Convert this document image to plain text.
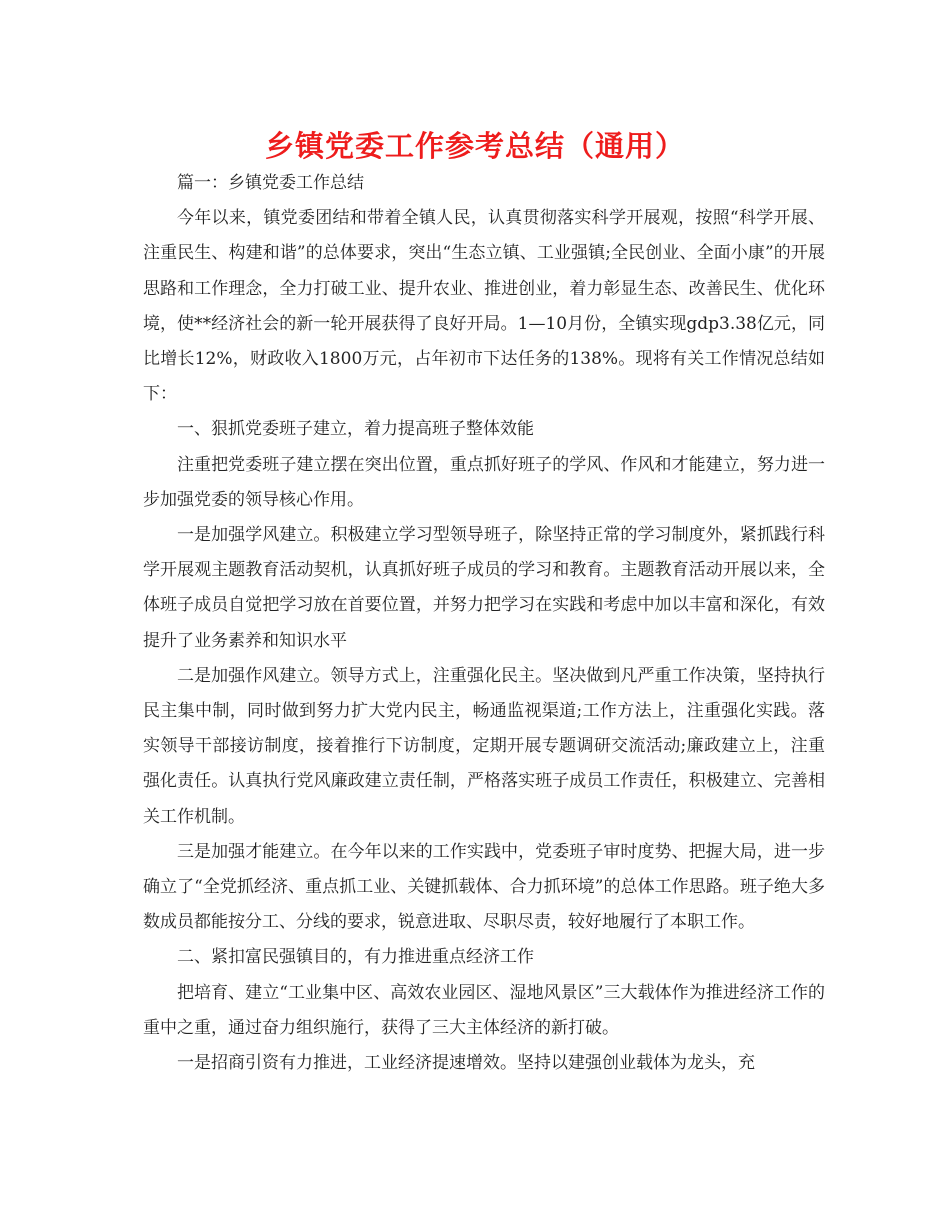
乡镇党委工作参考总结（通用）

篇一：乡镇党委工作总结

今年以来，镇党委团结和带着全镇人民，认真贯彻落实科学开展观，按照“科学开展、注重民生、构建和谐”的总体要求，突出“生态立镇、工业强镇;全民创业、全面小康”的开展思路和工作理念，全力打破工业、提升农业、推进创业，着力彰显生态、改善民生、优化环境，使**经济社会的新一轮开展获得了良好开局。1—10月份，全镇实现gdp3.38亿元，同比增长12%，财政收入1800万元，占年初市下达任务的138%。现将有关工作情况总结如下：

一、狠抓党委班子建立，着力提高班子整体效能

注重把党委班子建立摆在突出位置，重点抓好班子的学风、作风和才能建立，努力进一步加强党委的领导核心作用。

一是加强学风建立。积极建立学习型领导班子，除坚持正常的学习制度外，紧抓践行科学开展观主题教育活动契机，认真抓好班子成员的学习和教育。主题教育活动开展以来，全体班子成员自觉把学习放在首要位置，并努力把学习在实践和考虑中加以丰富和深化，有效提升了业务素养和知识水平

二是加强作风建立。领导方式上，注重强化民主。坚决做到凡严重工作决策，坚持执行民主集中制，同时做到努力扩大党内民主，畅通监视渠道;工作方法上，注重强化实践。落实领导干部接访制度，接着推行下访制度，定期开展专题调研交流活动;廉政建立上，注重强化责任。认真执行党风廉政建立责任制，严格落实班子成员工作责任，积极建立、完善相关工作机制。

三是加强才能建立。在今年以来的工作实践中，党委班子审时度势、把握大局，进一步确立了“全党抓经济、重点抓工业、关键抓载体、合力抓环境”的总体工作思路。班子绝大多数成员都能按分工、分线的要求，锐意进取、尽职尽责，较好地履行了本职工作。

二、紧扣富民强镇目的，有力推进重点经济工作

把培育、建立“工业集中区、高效农业园区、湿地风景区”三大载体作为推进经济工作的重中之重，通过奋力组织施行，获得了三大主体经济的新打破。

一是招商引资有力推进，工业经济提速增效。坚持以建强创业载体为龙头，充
